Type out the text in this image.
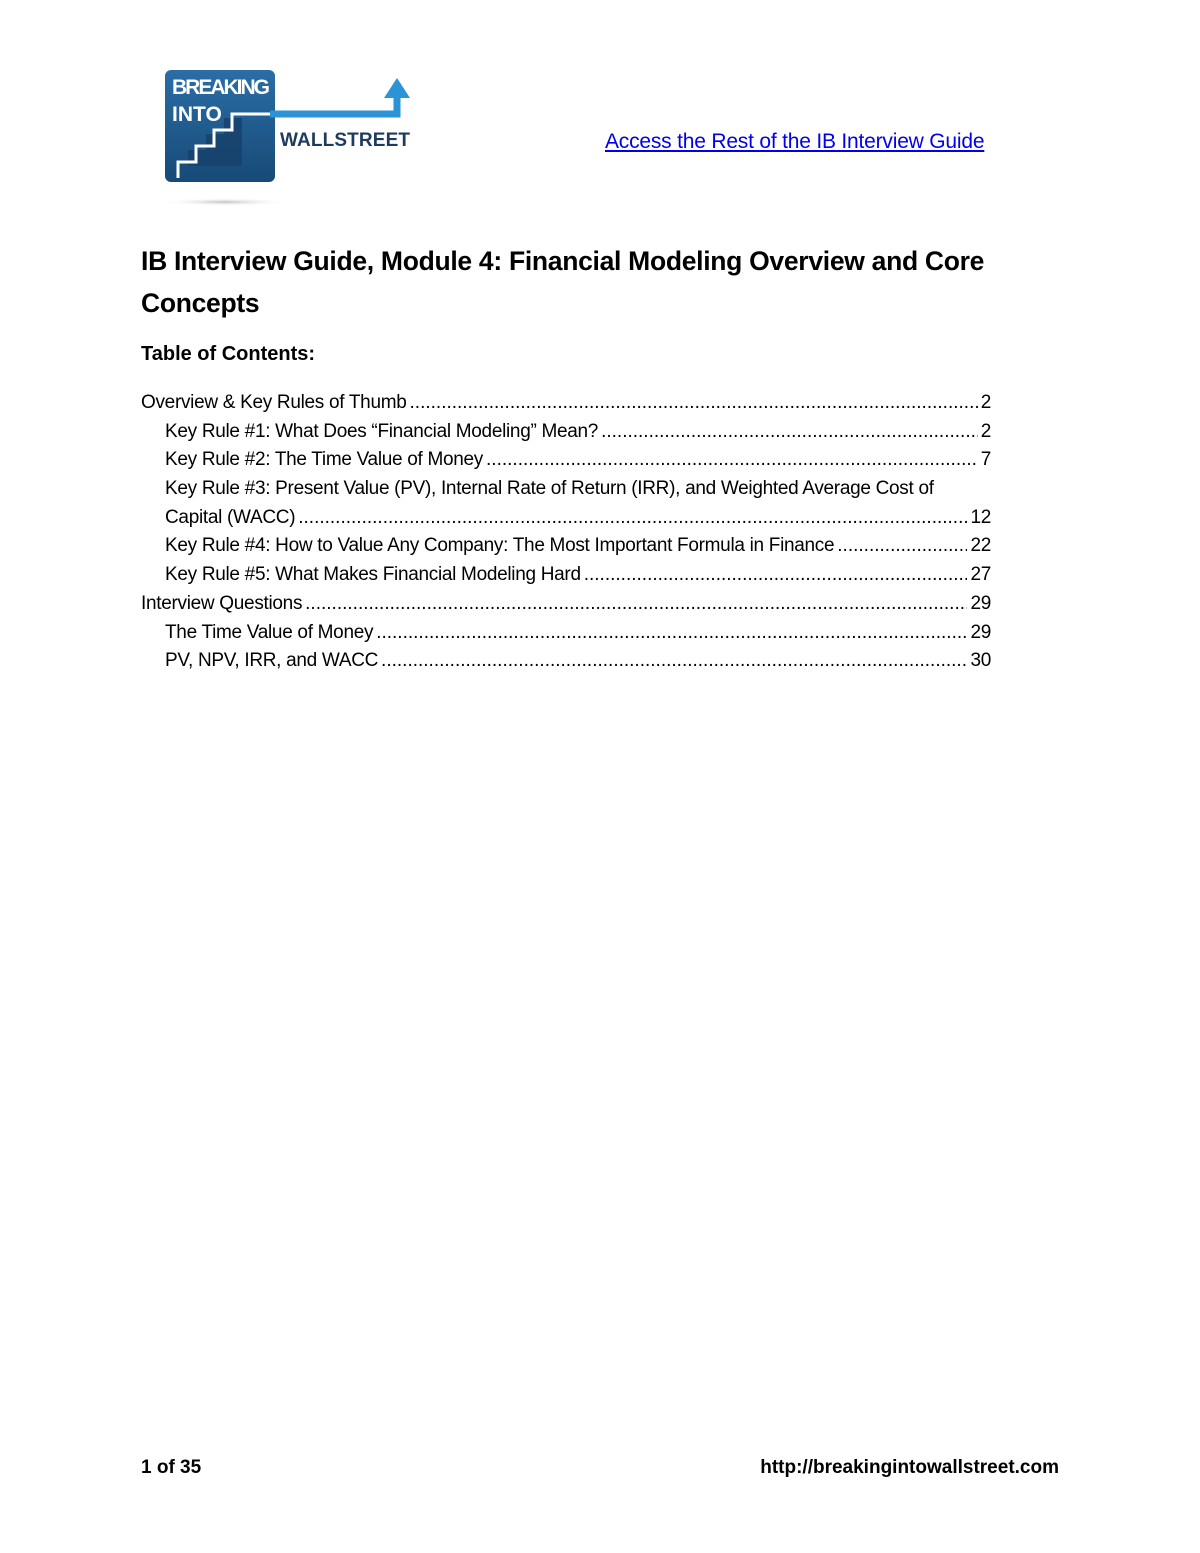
BREAKING
INTO
WALLSTREET	Access the Rest of the IB Interview Guide
IB Interview Guide, Module 4: Financial Modeling Overview and Core Concepts
Table of Contents:
Overview & Key Rules of Thumb .....	2
Key Rule #1: What Does “Financial Modeling” Mean? .....	2
Key Rule #2: The Time Value of Money .....	7
Key Rule #3: Present Value (PV), Internal Rate of Return (IRR), and Weighted Average Cost of
Capital (WACC) .....	12
Key Rule #4: How to Value Any Company: The Most Important Formula in Finance .....	22
Key Rule #5: What Makes Financial Modeling Hard .....	27
Interview Questions .....	29
The Time Value of Money .....	29
PV, NPV, IRR, and WACC .....	30
1 of 35	http://breakingintowallstreet.com
